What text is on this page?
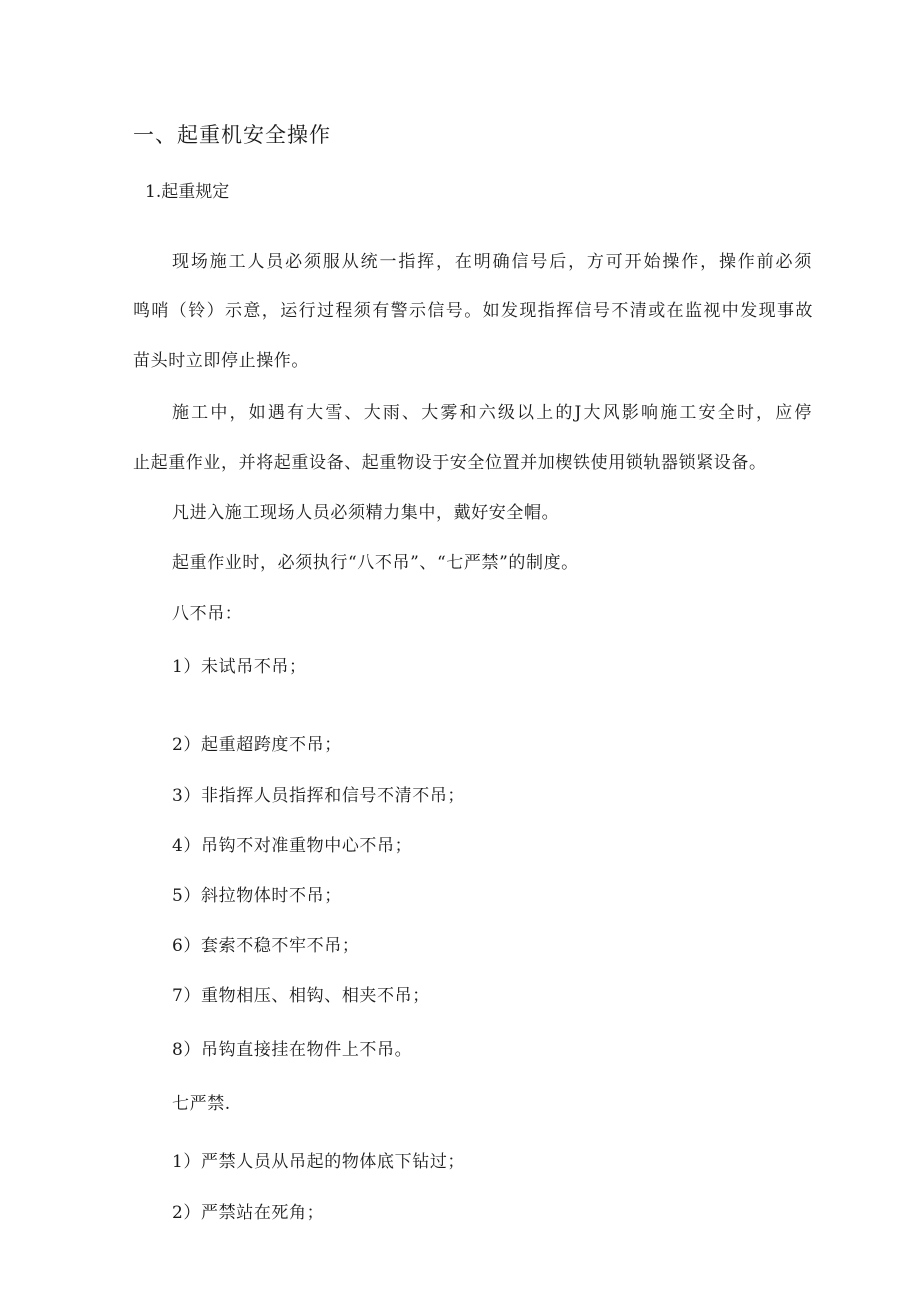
一、起重机安全操作

1.起重规定

现场施工人员必须服从统一指挥，在明确信号后，方可开始操作，操作前必须

鸣哨（铃）示意，运行过程须有警示信号。如发现指挥信号不清或在监视中发现事故

苗头时立即停止操作。

施工中，如遇有大雪、大雨、大雾和六级以上的J大风影响施工安全时，应停

止起重作业，并将起重设备、起重物设于安全位置并加楔铁使用锁轨器锁紧设备。

凡进入施工现场人员必须精力集中，戴好安全帽。

起重作业时，必须执行“八不吊”、“七严禁”的制度。

八不吊：

1）未试吊不吊；

2）起重超跨度不吊；

3）非指挥人员指挥和信号不清不吊；

4）吊钩不对准重物中心不吊；

5）斜拉物体时不吊；

6）套索不稳不牢不吊；

7）重物相压、相钩、相夹不吊；

8）吊钩直接挂在物件上不吊。

七严禁.

1）严禁人员从吊起的物体底下钻过；

2）严禁站在死角；
